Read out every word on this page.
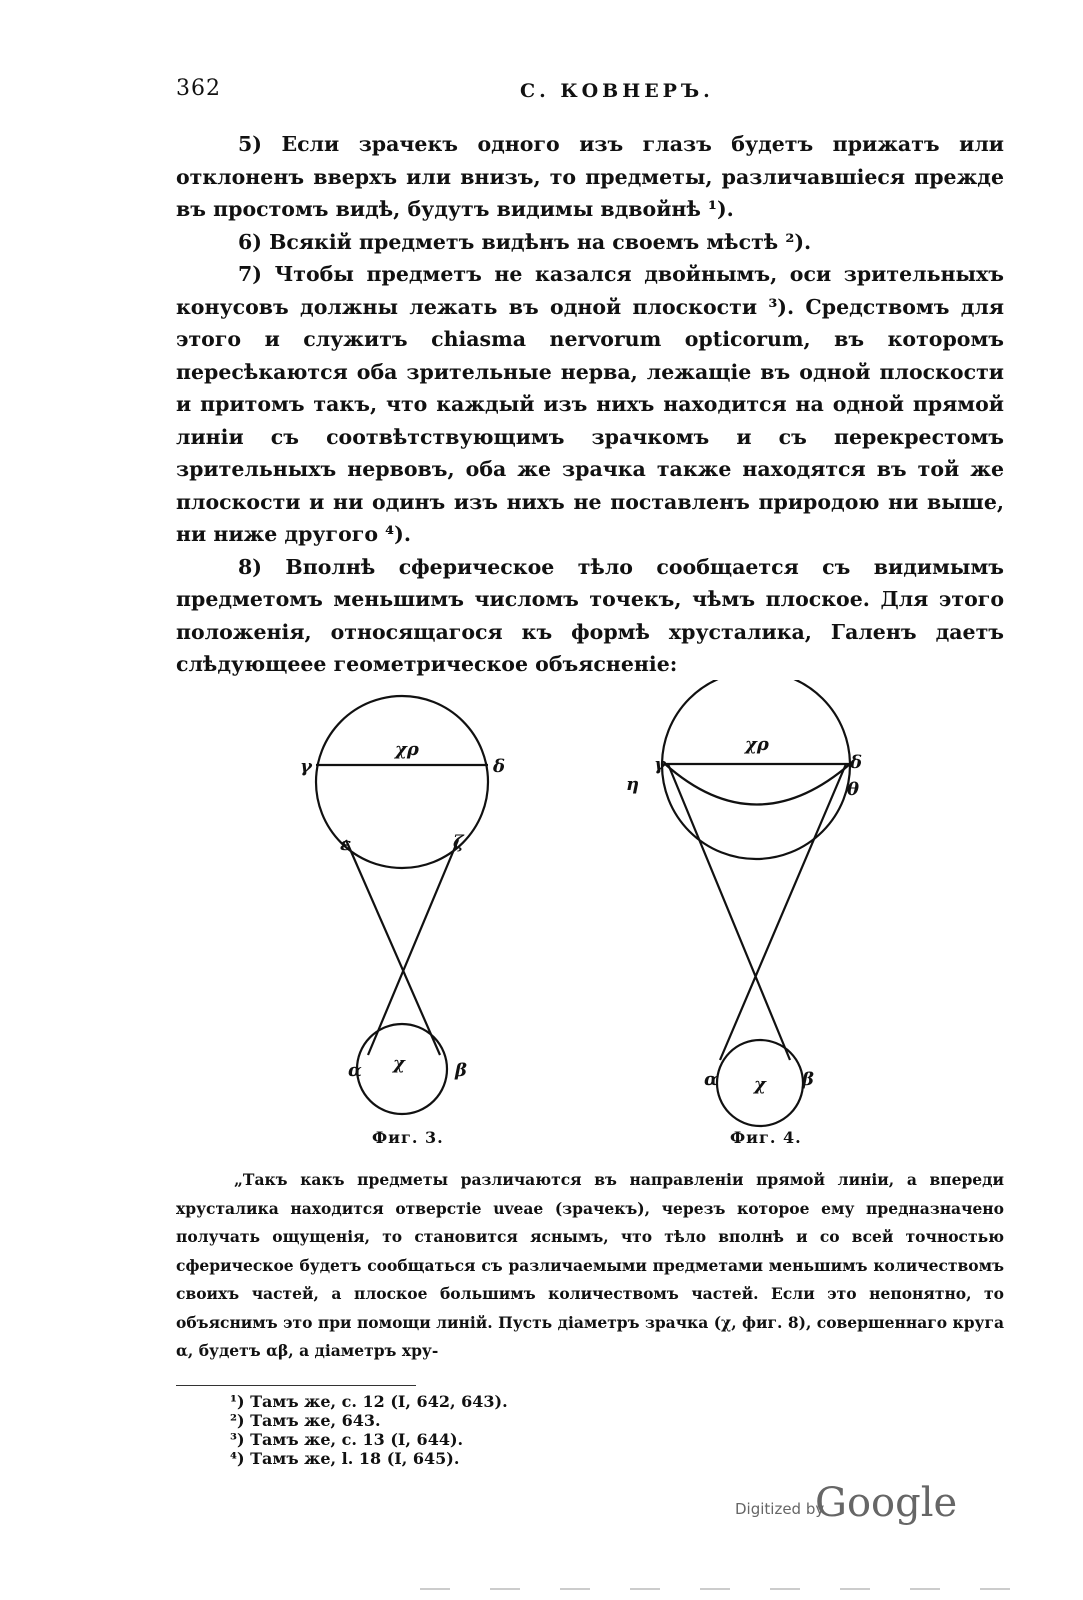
362	С. КОВНЕРЪ.

5) Если зрачекъ одного изъ глазъ будетъ прижатъ или отклоненъ вверхъ или внизъ, то предметы, различавшіеся прежде въ простомъ видѣ, будутъ видимы вдвойнѣ ¹).

6) Всякій предметъ видѣнъ на своемъ мѣстѣ ²).

7) Чтобы предметъ не казался двойнымъ, оси зрительныхъ конусовъ должны лежать въ одной плоскости ³). Средствомъ для этого и служитъ chiasma nervorum opticorum, въ которомъ пересѣкаются оба зрительные нерва, лежащіе въ одной плоскости и притомъ такъ, что каждый изъ нихъ находится на одной прямой линіи съ соотвѣтствующимъ зрачкомъ и съ перекрестомъ зрительныхъ нервовъ, оба же зрачка также находятся въ той же плоскости и ни одинъ изъ нихъ не поставленъ природою ни выше, ни ниже другого ⁴).

8) Вполнѣ сферическое тѣло сообщается съ видимымъ предметомъ меньшимъ числомъ точекъ, чѣмъ плоское. Для этого положенія, относящагося къ формѣ хрусталика, Галенъ даетъ слѣдующееe геометрическое объясненіе:

χρ
γ	δ
ε	ζ
α	β
χ
χρ
γ
η
δ
θ
α	β
χ
Фиг. 3.	Фиг. 4.

„Такъ какъ предметы различаются въ направленіи прямой линіи, а впереди хрусталика находится отверстіе uveae (зрачекъ), черезъ которое ему предназначено получать ощущенія, то становится яснымъ, что тѣло вполнѣ и со всей точностью сферическое будетъ сообщаться съ различаемыми предметами меньшимъ количествомъ своихъ частей, а плоское большимъ количествомъ частей. Если это непонятно, то объяснимъ это при помощи линій. Пусть діаметръ зрачка (χ, фиг. 8), совершеннаго круга α, будетъ αβ, а діаметръ хру-

¹) Тамъ же, с. 12 (I, 642, 643).
²) Тамъ же, 643.
³) Тамъ же, с. 13 (I, 644).
⁴) Тамъ же, l. 18 (I, 645).
Digitized by
Google
